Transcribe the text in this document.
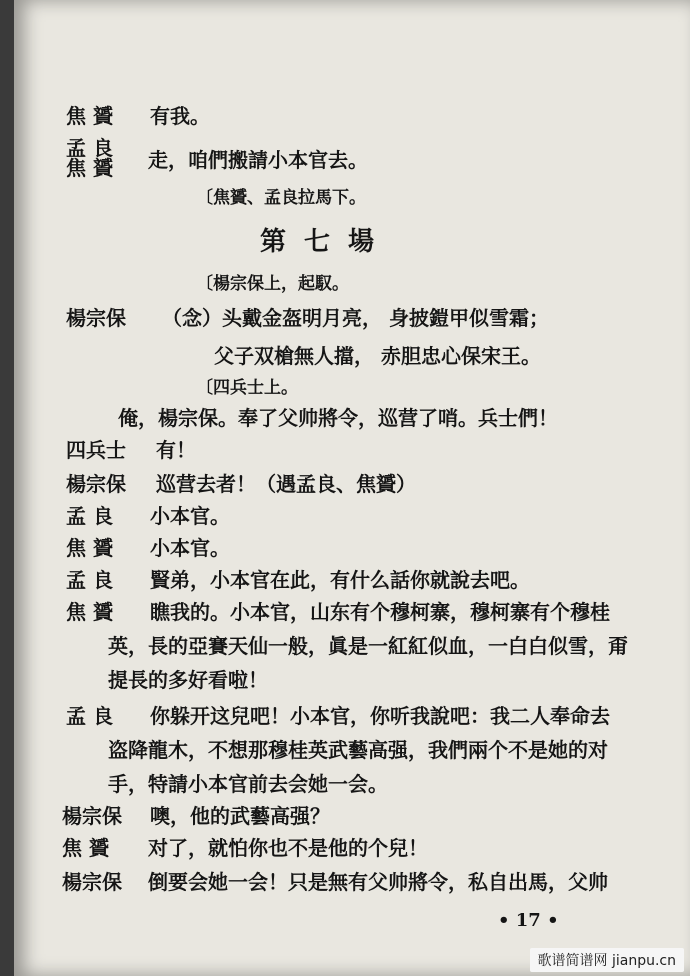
焦 贇 有我。
孟 良
焦 贇 走，咱們搬請小本官去。
〔焦贇、孟良拉馬下。
第七場
〔楊宗保上，起馭。
楊宗保 （念）头戴金盔明月亮， 身披鎧甲似雪霜；
父子双槍無人擋， 赤胆忠心保宋王。
〔四兵士上。
俺，楊宗保。奉了父帅將令，巡营了哨。兵士們！
四兵士 有！
楊宗保 巡营去者！（遇孟良、焦贇）
孟 良 小本官。
焦 贇 小本官。
孟 良 賢弟，小本官在此，有什么話你就說去吧。
焦 贇 瞧我的。小本官，山东有个穆柯寨，穆柯寨有个穆桂
英，長的亞賽天仙一般，眞是一紅紅似血，一白白似雪，甭
提長的多好看啦！
孟 良 你躲开这兒吧！小本官，你听我說吧：我二人奉命去
盗降龍木，不想那穆桂英武藝高强，我們兩个不是她的对
手，特請小本官前去会她一会。
楊宗保 噢，他的武藝高强？
焦 贇 对了，就怕你也不是他的个兒！
楊宗保 倒要会她一会！只是無有父帅將令，私自出馬，父帅
• 17 •
歌谱简谱网 jianpu.cn
